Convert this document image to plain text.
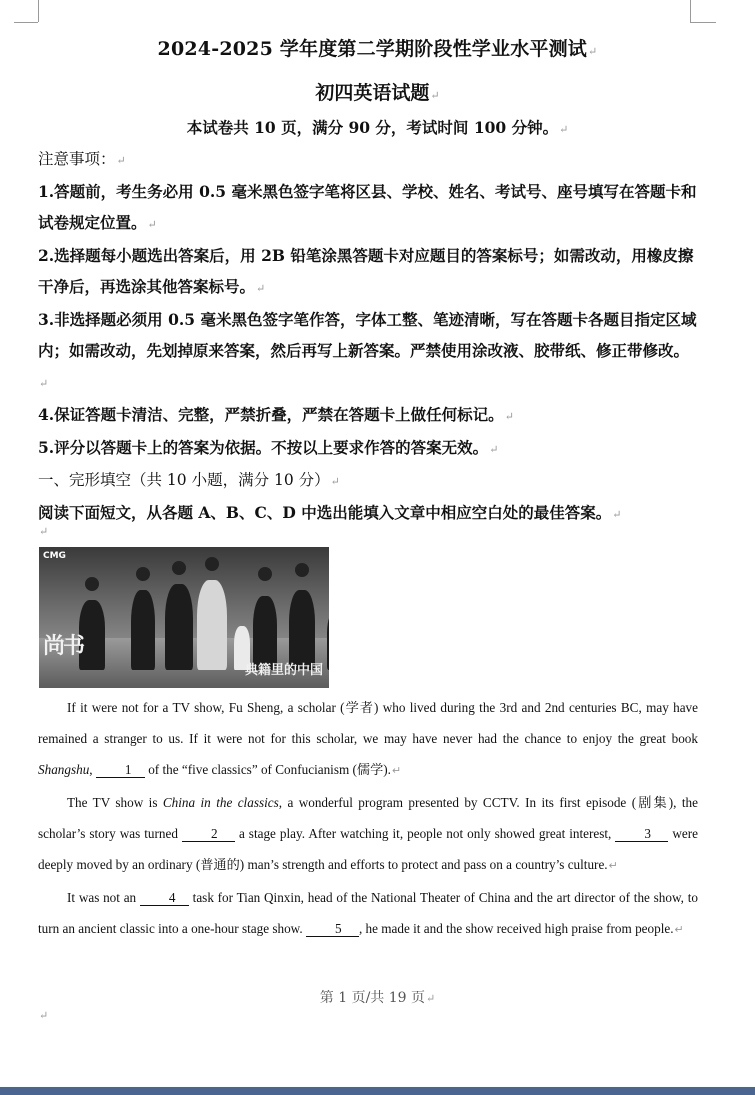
2024-2025 学年度第二学期阶段性学业水平测试↵
初四英语试题↵
本试卷共 10 页，满分 90 分，考试时间 100 分钟。↵

注意事项：↵

1.答题前，考生务必用 0.5 毫米黑色签字笔将区县、学校、姓名、考试号、座号填写在答题卡和试卷规定位置。↵

2.选择题每小题选出答案后，用 2B 铅笔涂黑答题卡对应题目的答案标号；如需改动，用橡皮擦干净后，再选涂其他答案标号。↵

3.非选择题必须用 0.5 毫米黑色签字笔作答，字体工整、笔迹清晰，写在答题卡各题目指定区域内；如需改动，先划掉原来答案，然后再写上新答案。严禁使用涂改液、胶带纸、修正带修改。↵

4.保证答题卡清洁、完整，严禁折叠，严禁在答题卡上做任何标记。↵

5.评分以答题卡上的答案为依据。不按以上要求作答的答案无效。↵

一、完形填空（共 10 小题，满分 10 分）↵

阅读下面短文，从各题 A、B、C、D 中选出能填入文章中相应空白处的最佳答案。↵

↵
CMG
尚书
典籍里的中国

If it were not for a TV show, Fu Sheng, a scholar (学者) who lived during the 3rd and 2nd centuries BC, may have remained a stranger to us. If it were not for this scholar, we may have never had the chance to enjoy the great book Shangshu, 1 of the “five classics” of Confucianism (儒学).↵

The TV show is China in the classics, a wonderful program presented by CCTV. In its first episode (剧集), the scholar’s story was turned 2 a stage play. After watching it, people not only showed great interest, 3 were deeply moved by an ordinary (普通的) man’s strength and efforts to protect and pass on a country’s culture.↵

It was not an 4 task for Tian Qinxin, head of the National Theater of China and the art director of the show, to turn an ancient classic into a one-hour stage show. 5 , he made it and the show received high praise from people.↵

第 1 页/共 19 页↵
↵
